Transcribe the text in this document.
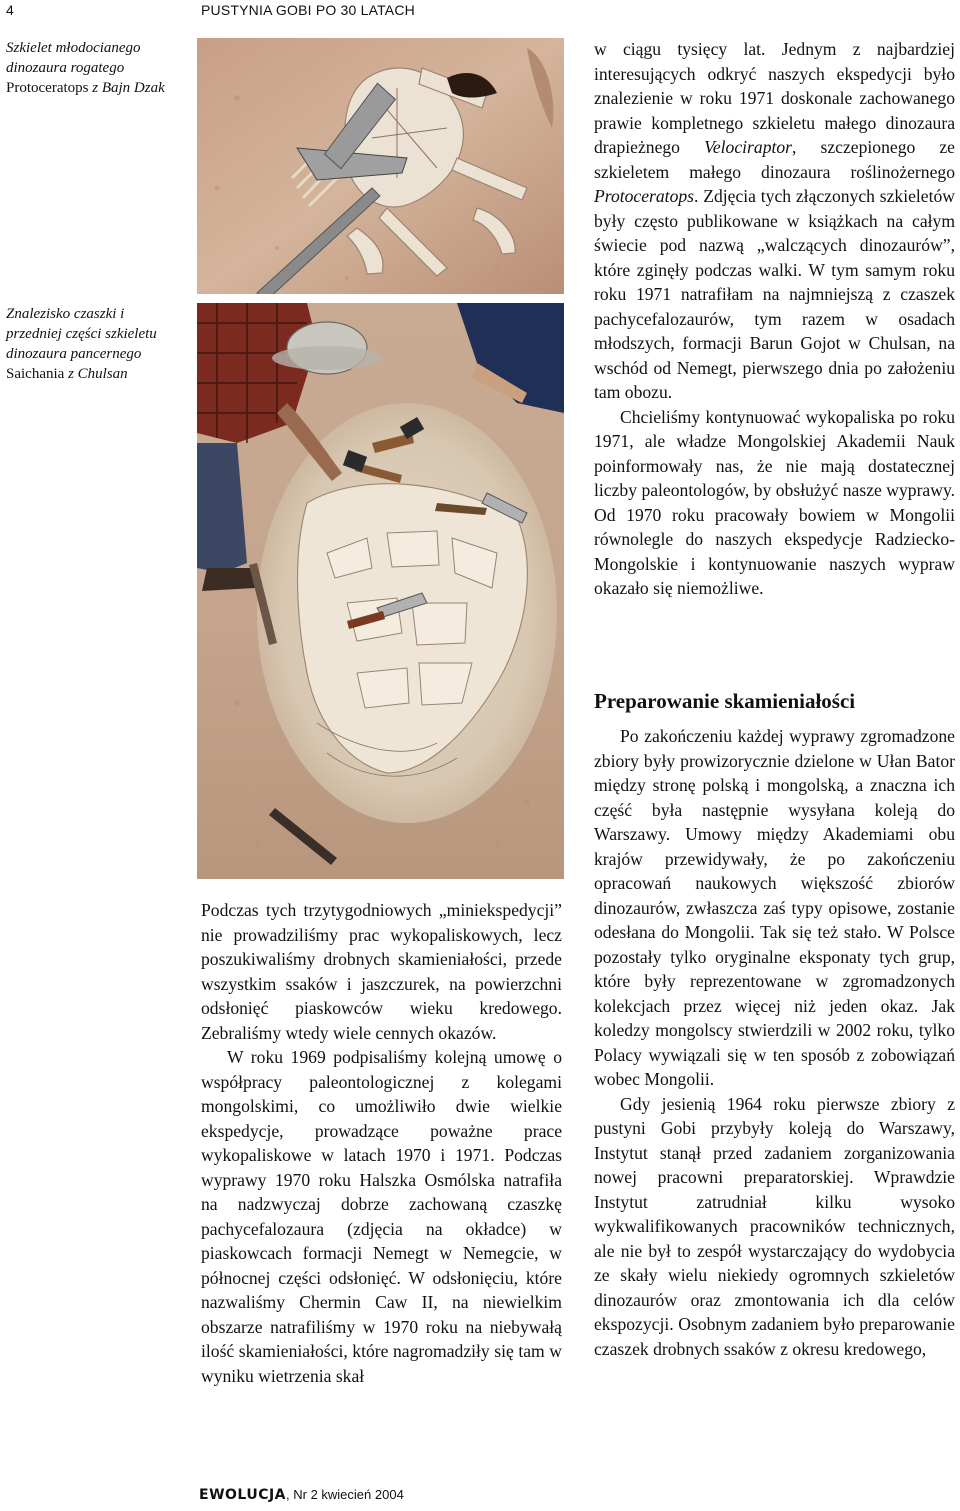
4	PUSTYNIA GOBI PO 30 LATACH
Szkielet młodocianego dinozaura rogatego Protoceratops z Bajn Dzak
Znalezisko czaszki i przedniej części szkieletu dinozaura pancernego Saichania z Chulsan

w ciągu tysięcy lat. Jednym z najbardziej interesujących odkryć naszych ekspedycji było znalezienie w roku 1971 doskonale zachowanego prawie kompletnego szkieletu małego dinozaura drapieżnego Velociraptor, szczepionego ze szkieletem małego dinozaura roślinożernego Protoceratops. Zdjęcia tych złączonych szkieletów były często publikowane w książkach na całym świecie pod nazwą „walczących dinozaurów”, które zginęły podczas walki. W tym samym roku roku 1971 natrafiłam na najmniejszą z czaszek pachycefalozaurów, tym razem w osadach młodszych, formacji Barun Gojot w Chulsan, na wschód od Nemegt, pierwszego dnia po założeniu tam obozu.

Chcieliśmy kontynuować wykopaliska po roku 1971, ale władze Mongolskiej Akademii Nauk poinformowały nas, że nie mają dostatecznej liczby paleontologów, by obsłużyć nasze wyprawy. Od 1970 roku pracowały bowiem w Mongolii równolegle do naszych ekspedycje Radziecko-Mongolskie i kontynuowanie naszych wypraw okazało się niemożliwe.

Preparowanie skamieniałości

Po zakończeniu każdej wyprawy zgromadzone zbiory były prowizorycznie dzielone w Ułan Bator między stronę polską i mongolską, a znaczna ich część była następnie wysyłana koleją do Warszawy. Umowy między Akademiami obu krajów przewidywały, że po zakończeniu opracowań naukowych większość zbiorów dinozaurów, zwłaszcza zaś typy opisowe, zostanie odesłana do Mongolii. Tak się też stało. W Polsce pozostały tylko oryginalne eksponaty tych grup, które były reprezentowane w zgromadzonych kolekcjach przez więcej niż jeden okaz. Jak koledzy mongolscy stwierdzili w 2002 roku, tylko Polacy wywiązali się w ten sposób z zobowiązań wobec Mongolii.

Gdy jesienią 1964 roku pierwsze zbiory z pustyni Gobi przybyły koleją do Warszawy, Instytut stanął przed zadaniem zorganizowania nowej pracowni preparatorskiej. Wprawdzie Instytut zatrudniał kilku wysoko wykwalifikowanych pracowników technicznych, ale nie był to zespół wystarczający do wydobycia ze skały wielu niekiedy ogromnych szkieletów dinozaurów oraz zmontowania ich dla celów ekspozycji. Osobnym zadaniem było preparowanie czaszek drobnych ssaków z okresu kredowego,

Podczas tych trzytygodniowych „miniekspedycji” nie prowadziliśmy prac wykopaliskowych, lecz poszukiwaliśmy drobnych skamieniałości, przede wszystkim ssaków i jaszczurek, na powierzchni odsłonięć piaskowców wieku kredowego. Zebraliśmy wtedy wiele cennych okazów.

W roku 1969 podpisaliśmy kolejną umowę o współpracy paleontologicznej z kolegami mongolskimi, co umożliwiło dwie wielkie ekspedycje, prowadzące poważne prace wykopaliskowe w latach 1970 i 1971. Podczas wyprawy 1970 roku Halszka Osmólska natrafiła na nadzwyczaj dobrze zachowaną czaszkę pachycefalozaura (zdjęcia na okładce) w piaskowcach formacji Nemegt w Nemegcie, w północnej części odsłonięć. W odsłonięciu, które nazwaliśmy Chermin Caw II, na niewielkim obszarze natrafiliśmy w 1970 roku na niebywałą ilość skamieniałości, które nagromadziły się tam w wyniku wietrzenia skał

EWOLUCJA, Nr 2 kwiecień 2004
